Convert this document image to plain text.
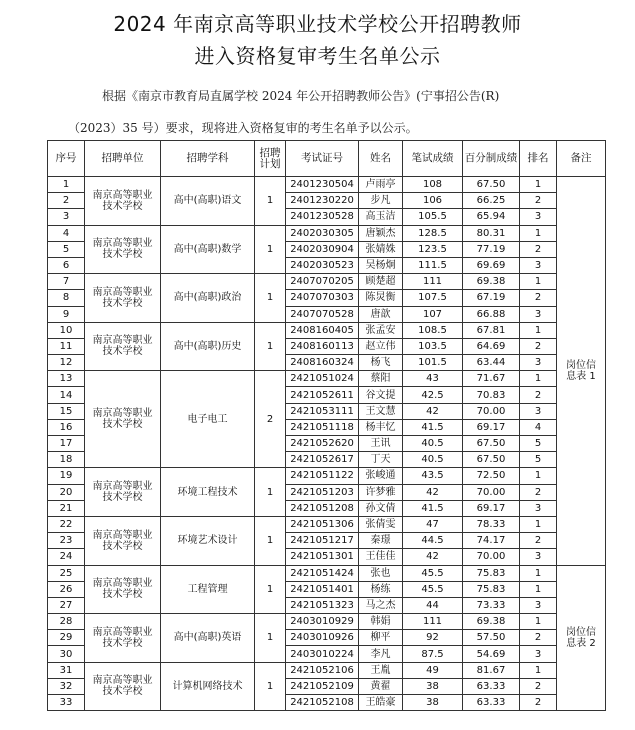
2024 年南京高等职业技术学校公开招聘教师
进入资格复审考生名单公示
根据《南京市教育局直属学校 2024 年公开招聘教师公告》(宁事招公告(R)
（2023）35 号）要求，现将进入资格复审的考生名单予以公示。
序号	招聘单位	招聘学科	招聘计划	考试证号	姓名	笔试成绩	百分制成绩	排名	备注
1	南京高等职业技术学校	高中(高职)语文	1	2401230504	卢雨亭	108	67.50	1	岗位信息表 1
2				2401230220	步凡	106	66.25	2	
3				2401230528	高玉洁	105.5	65.94	3	
4	南京高等职业技术学校	高中(高职)数学	1	2402030305	唐颖杰	128.5	80.31	1	
5				2402030904	张婧姝	123.5	77.19	2	
6				2402030523	吴杨炯	111.5	69.69	3	
7	南京高等职业技术学校	高中(高职)政治	1	2407070205	顾楚超	111	69.38	1	
8				2407070303	陈炅衡	107.5	67.19	2	
9				2407070528	唐歆	107	66.88	3	
10	南京高等职业技术学校	高中(高职)历史	1	2408160405	张孟安	108.5	67.81	1	
11				2408160113	赵立伟	103.5	64.69	2	
12				2408160324	杨飞	101.5	63.44	3	
13	南京高等职业技术学校	电子电工	2	2421051024	蔡阳	43	71.67	1	
14				2421052611	谷文提	42.5	70.83	2	
15				2421053111	王文慧	42	70.00	3	
16				2421051118	杨丰忆	41.5	69.17	4	
17				2421052620	王讯	40.5	67.50	5	
18				2421052617	丁天	40.5	67.50	5	
19	南京高等职业技术学校	环境工程技术	1	2421051122	张峻通	43.5	72.50	1	
20				2421051203	许梦雅	42	70.00	2	
21				2421051208	孙文倩	41.5	69.17	3	
22	南京高等职业技术学校	环境艺术设计	1	2421051306	张倩雯	47	78.33	1	
23				2421051217	秦璟	44.5	74.17	2	
24				2421051301	王佳佳	42	70.00	3	
25	南京高等职业技术学校	工程管理	1	2421051424	张也	45.5	75.83	1	岗位信息表 2
26				2421051401	杨练	45.5	75.83	1	
27				2421051323	马之杰	44	73.33	3	
28	南京高等职业技术学校	高中(高职)英语	1	2403010929	韩娟	111	69.38	1	
29				2403010926	柳平	92	57.50	2	
30				2403010224	李凡	87.5	54.69	3	
31	南京高等职业技术学校	计算机网络技术	1	2421052106	王胤	49	81.67	1	
32				2421052109	黄翟	38	63.33	2	
33				2421052108	王皓豪	38	63.33	2	
